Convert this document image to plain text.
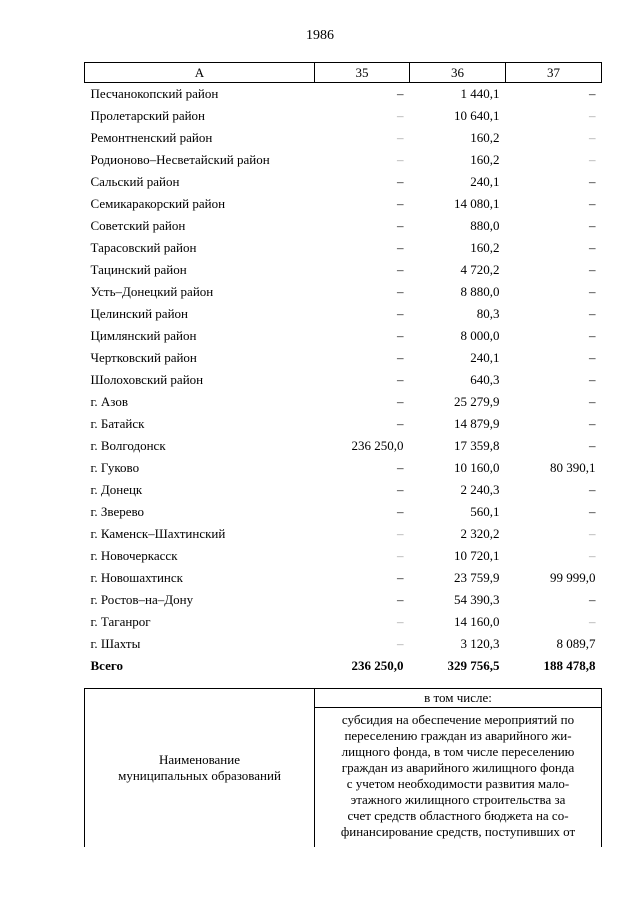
1986
А	35	36	37
Песчанокопский район	–	1 440,1	–
Пролетарский район	–	10 640,1	–
Ремонтненский район	–	160,2	–
Родионово–Несветайский район	–	160,2	–
Сальский район	–	240,1	–
Семикаракорский район	–	14 080,1	–
Советский район	–	880,0	–
Тарасовский район	–	160,2	–
Тацинский район	–	4 720,2	–
Усть–Донецкий район	–	8 880,0	–
Целинский район	–	80,3	–
Цимлянский район	–	8 000,0	–
Чертковский район	–	240,1	–
Шолоховский район	–	640,3	–
г. Азов	–	25 279,9	–
г. Батайск	–	14 879,9	–
г. Волгодонск	236 250,0	17 359,8	–
г. Гуково	–	10 160,0	80 390,1
г. Донецк	–	2 240,3	–
г. Зверево	–	560,1	–
г. Каменск–Шахтинский	–	2 320,2	–
г. Новочеркасск	–	10 720,1	–
г. Новошахтинск	–	23 759,9	99 999,0
г. Ростов–на–Дону	–	54 390,3	–
г. Таганрог	–	14 160,0	–
г. Шахты	–	3 120,3	8 089,7
Всего	236 250,0	329 756,5	188 478,8
Наименование
муниципальных образований
	в том числе:

субсидия на обеспечение мероприятий по
переселению граждан из аварийного жи-
лищного фонда, в том числе переселению
граждан из аварийного жилищного фонда
с учетом необходимости развития мало-
этажного жилищного строительства за
счет средств областного бюджета на со-
финансирование средств, поступивших от
